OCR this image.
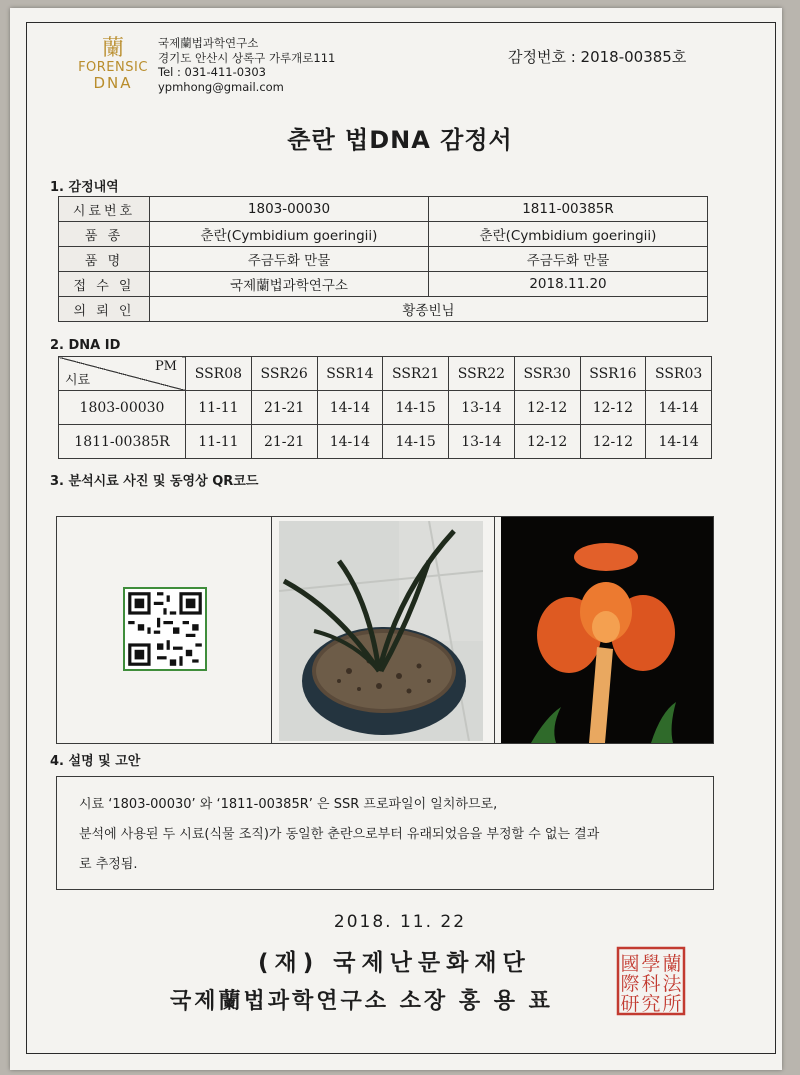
蘭
FORENSIC
DNA
국제蘭법과학연구소
경기도 안산시 상록구 가루개로111
Tel : 031-411-0303
ypmhong@gmail.com
감정번호 : 2018-00385호
춘란 법DNA 감정서
1. 감정내역
시료번호	1803-00030	1811-00385R
품 종	춘란(Cymbidium goeringii)	춘란(Cymbidium goeringii)
품 명	주금두화 만물	주금두화 만물
접 수 일	국제蘭법과학연구소	2018.11.20
의 뢰 인	황종빈님	
2. DNA ID
PM
시료	SSR08	SSR26	SSR14	SSR21	SSR22	SSR30	SSR16	SSR03
1803-00030	11-11	21-21	14-14	14-15	13-14	12-12	12-12	14-14
1811-00385R	11-11	21-21	14-14	14-15	13-14	12-12	12-12	14-14
3. 분석시료 사진 및 동영상 QR코드
4. 설명 및 고안

시료 ‘1803-00030’ 와 ‘1811-00385R’ 은 SSR 프로파일이 일치하므로,

분석에 사용된 두 시료(식물 조직)가 동일한 춘란으로부터 유래되었음을 부정할 수 없는 결과

로 추정됨.

2018. 11. 22
(재) 국제난문화재단
국제蘭법과학연구소 소장 홍 용 표
蘭
學
國
科
際 法
研 究 所
